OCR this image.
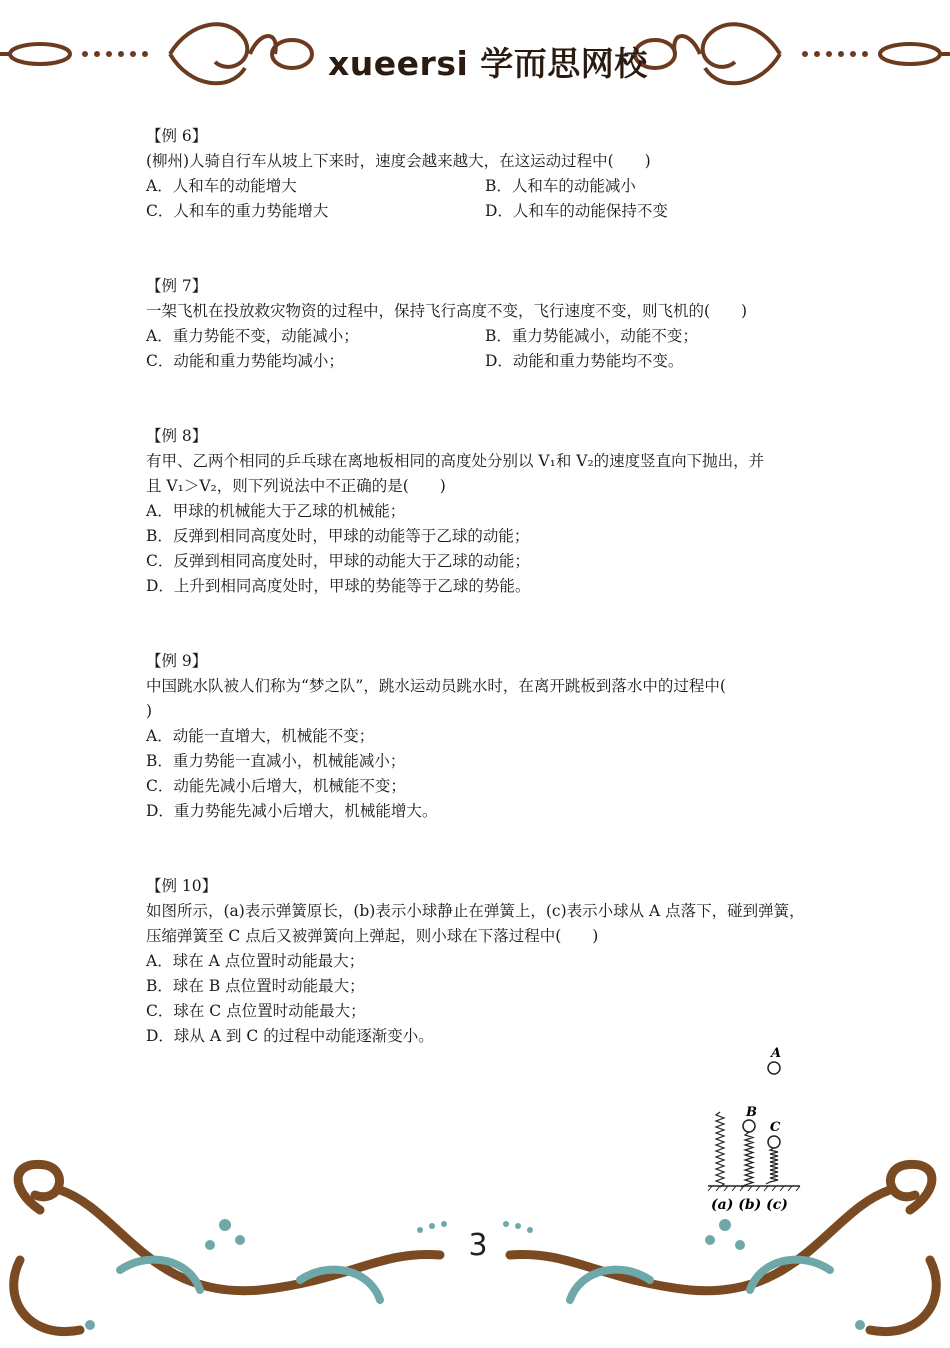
xueersi 学而思网校
【例 6】
(柳州)人骑自行车从坡上下来时，速度会越来越大，在这运动过程中(　　)
A．人和车的动能增大	B．人和车的动能减小
C．人和车的重力势能增大	D．人和车的动能保持不变
【例 7】
一架飞机在投放救灾物资的过程中，保持飞行高度不变，飞行速度不变，则飞机的(　　)
A．重力势能不变，动能减小；	B．重力势能减小，动能不变；
C．动能和重力势能均减小；	D．动能和重力势能均不变。
【例 8】
有甲、乙两个相同的乒乓球在离地板相同的高度处分别以 V₁和 V₂的速度竖直向下抛出，并
且 V₁＞V₂，则下列说法中不正确的是(　　)
A．甲球的机械能大于乙球的机械能；
B．反弹到相同高度处时，甲球的动能等于乙球的动能；
C．反弹到相同高度处时，甲球的动能大于乙球的动能；
D．上升到相同高度处时，甲球的势能等于乙球的势能。
【例 9】
中国跳水队被人们称为“梦之队”，跳水运动员跳水时，在离开跳板到落水中的过程中(
)
A．动能一直增大，机械能不变；
B．重力势能一直减小，机械能减小；
C．动能先减小后增大，机械能不变；
D．重力势能先减小后增大，机械能增大。
【例 10】
如图所示，(a)表示弹簧原长，(b)表示小球静止在弹簧上，(c)表示小球从 A 点落下，碰到弹簧，
压缩弹簧至 C 点后又被弹簧向上弹起，则小球在下落过程中(　　)
A．球在 A 点位置时动能最大；
B．球在 B 点位置时动能最大；
C．球在 C 点位置时动能最大；
D．球从 A 到 C 的过程中动能逐渐变小。
A
B
C
(a) (b) (c)
3
